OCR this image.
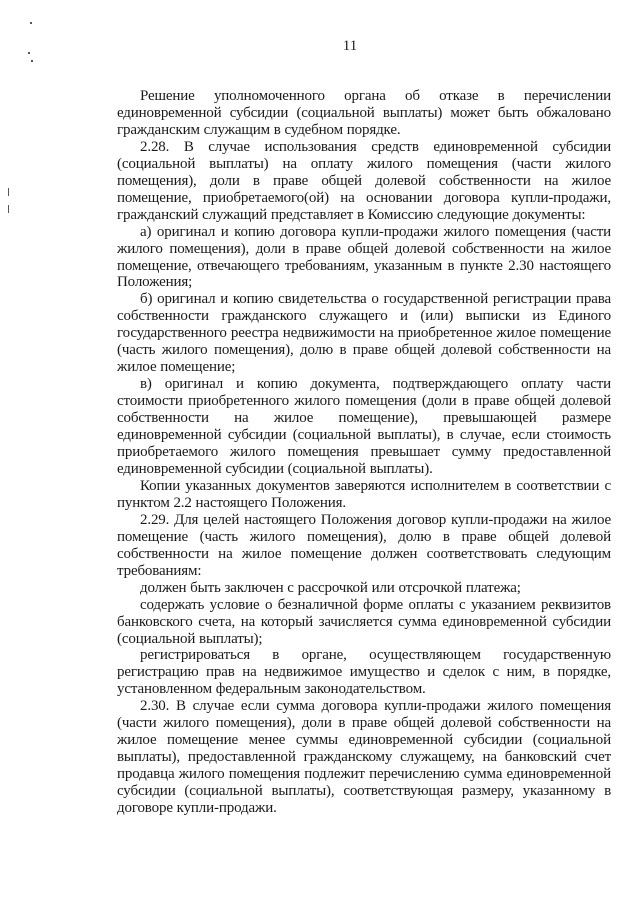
11

Решение уполномоченного органа об отказе в перечислении единовременной субсидии (социальной выплаты) может быть обжаловано гражданским служащим в судебном порядке.

2.28. В случае использования средств единовременной субсидии (социальной выплаты) на оплату жилого помещения (части жилого помещения), доли в праве общей долевой собственности на жилое помещение, приобретаемого(ой) на основании договора купли-продажи, гражданский служащий представляет в Комиссию следующие документы:

а) оригинал и копию договора купли-продажи жилого помещения (части жилого помещения), доли в праве общей долевой собственности на жилое помещение, отвечающего требованиям, указанным в пункте 2.30 настоящего Положения;

б) оригинал и копию свидетельства о государственной регистрации права собственности гражданского служащего и (или) выписки из Единого государственного реестра недвижимости на приобретенное жилое помещение (часть жилого помещения), долю в праве общей долевой собственности на жилое помещение;

в) оригинал и копию документа, подтверждающего оплату части стоимости приобретенного жилого помещения (доли в праве общей долевой собственности на жилое помещение), превышающей размере единовременной субсидии (социальной выплаты), в случае, если стоимость приобретаемого жилого помещения превышает сумму предоставленной единовременной субсидии (социальной выплаты).

Копии указанных документов заверяются исполнителем в соответствии с пунктом 2.2 настоящего Положения.

2.29. Для целей настоящего Положения договор купли-продажи на жилое помещение (часть жилого помещения), долю в праве общей долевой собственности на жилое помещение должен соответствовать следующим требованиям:

должен быть заключен с рассрочкой или отсрочкой платежа;

содержать условие о безналичной форме оплаты с указанием реквизитов банковского счета, на который зачисляется сумма единовременной субсидии (социальной выплаты);

регистрироваться в органе, осуществляющем государственную регистрацию прав на недвижимое имущество и сделок с ним, в порядке, установленном федеральным законодательством.

2.30. В случае если сумма договора купли-продажи жилого помещения (части жилого помещения), доли в праве общей долевой собственности на жилое помещение менее суммы единовременной субсидии (социальной выплаты), предоставленной гражданскому служащему, на банковский счет продавца жилого помещения подлежит перечислению сумма единовременной субсидии (социальной выплаты), соответствующая размеру, указанному в договоре купли-продажи.
